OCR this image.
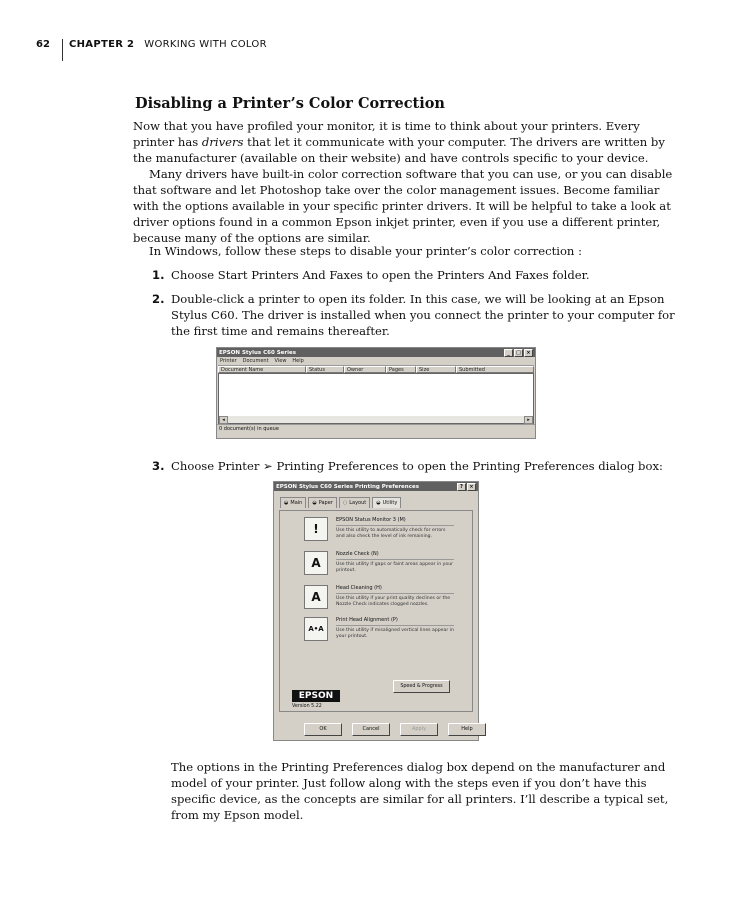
62	CHAPTER 2 WORKING WITH COLOR
Disabling a Printer’s Color Correction

Now that you have profiled your monitor, it is time to think about your printers. Every printer has drivers that let it communicate with your computer. The drivers are written by the manufacturer (available on their website) and have controls specific to your device.

Many drivers have built-in color correction software that you can use, or you can disable that software and let Photoshop take over the color management issues. Become familiar with the options available in your specific printer drivers. It will be helpful to take a look at driver options found in a common Epson inkjet printer, even if you use a different printer, because many of the options are similar.

In Windows, follow these steps to disable your printer’s color correction :

1. Choose Start Printers And Faxes to open the Printers And Faxes folder.
2. Double-click a printer to open its folder. In this case, we will be looking at an Epson Stylus C60. The driver is installed when you connect the printer to your computer for the first time and remains thereafter.
EPSON Stylus C60 Series	_	□	×
Printer Document View Help
Document Name	Status	Owner	Pages	Size	Submitted
◂	▸
0 document(s) in queue
3. Choose Printer ➢ Printing Preferences to open the Printing Preferences dialog box:
EPSON Stylus C60 Series Printing Preferences	?	×
◒ Main ◒ Paper ◌ Layout ◒ Utility
!
EPSON Status Monitor 3 (M)
Use this utility to automatically check for errors and also check the level of ink remaining.
A
Nozzle Check (N)
Use this utility if gaps or faint areas appear in your printout.
A
Head Cleaning (H)
Use this utility if your print quality declines or the Nozzle Check indicates clogged nozzles.
A•A
Print Head Alignment (P)
Use this utility if misaligned vertical lines appear in your printout.
Speed & Progress
EPSON
Version 5.22
OK	Cancel	Apply	Help

The options in the Printing Preferences dialog box depend on the manufacturer and model of your printer. Just follow along with the steps even if you don’t have this specific device, as the concepts are similar for all printers. I’ll describe a typical set, from my Epson model.
